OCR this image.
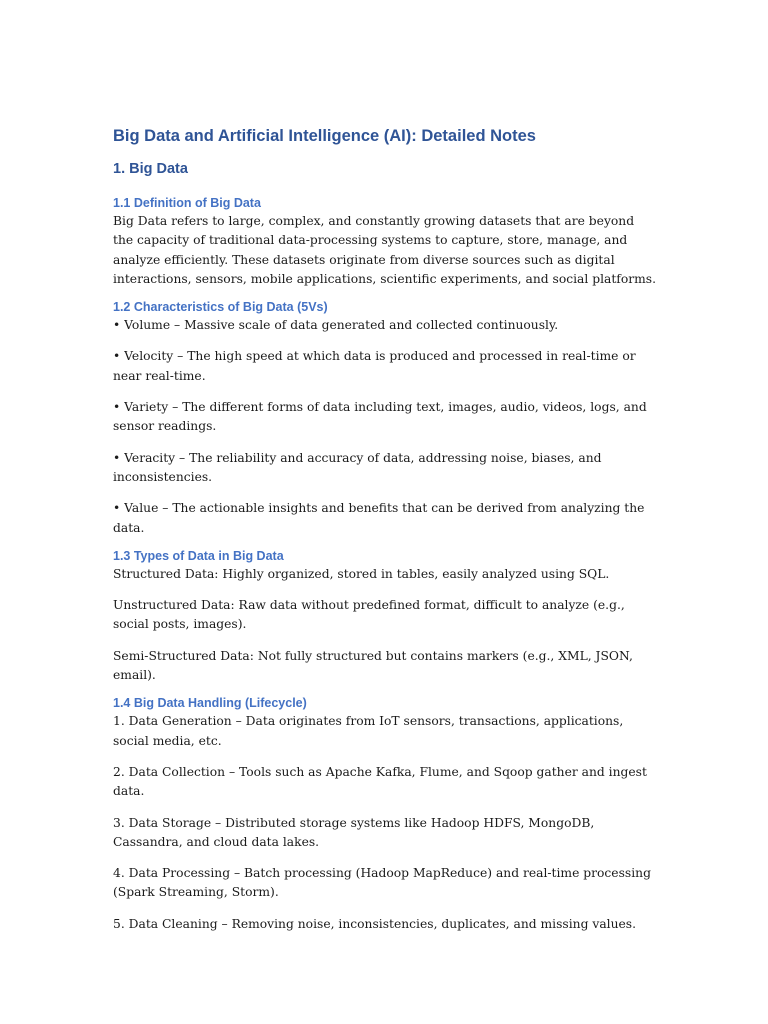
Big Data and Artificial Intelligence (AI): Detailed Notes
1. Big Data
1.1 Definition of Big Data

Big Data refers to large, complex, and constantly growing datasets that are beyond the capacity of traditional data-processing systems to capture, store, manage, and analyze efficiently. These datasets originate from diverse sources such as digital interactions, sensors, mobile applications, scientific experiments, and social platforms.

1.2 Characteristics of Big Data (5Vs)

• Volume – Massive scale of data generated and collected continuously.

• Velocity – The high speed at which data is produced and processed in real-time or near real-time.

• Variety – The different forms of data including text, images, audio, videos, logs, and sensor readings.

• Veracity – The reliability and accuracy of data, addressing noise, biases, and inconsistencies.

• Value – The actionable insights and benefits that can be derived from analyzing the data.

1.3 Types of Data in Big Data

Structured Data: Highly organized, stored in tables, easily analyzed using SQL.

Unstructured Data: Raw data without predefined format, difficult to analyze (e.g., social posts, images).

Semi-Structured Data: Not fully structured but contains markers (e.g., XML, JSON, email).

1.4 Big Data Handling (Lifecycle)

1. Data Generation – Data originates from IoT sensors, transactions, applications, social media, etc.

2. Data Collection – Tools such as Apache Kafka, Flume, and Sqoop gather and ingest data.

3. Data Storage – Distributed storage systems like Hadoop HDFS, MongoDB, Cassandra, and cloud data lakes.

4. Data Processing – Batch processing (Hadoop MapReduce) and real-time processing (Spark Streaming, Storm).

5. Data Cleaning – Removing noise, inconsistencies, duplicates, and missing values.
